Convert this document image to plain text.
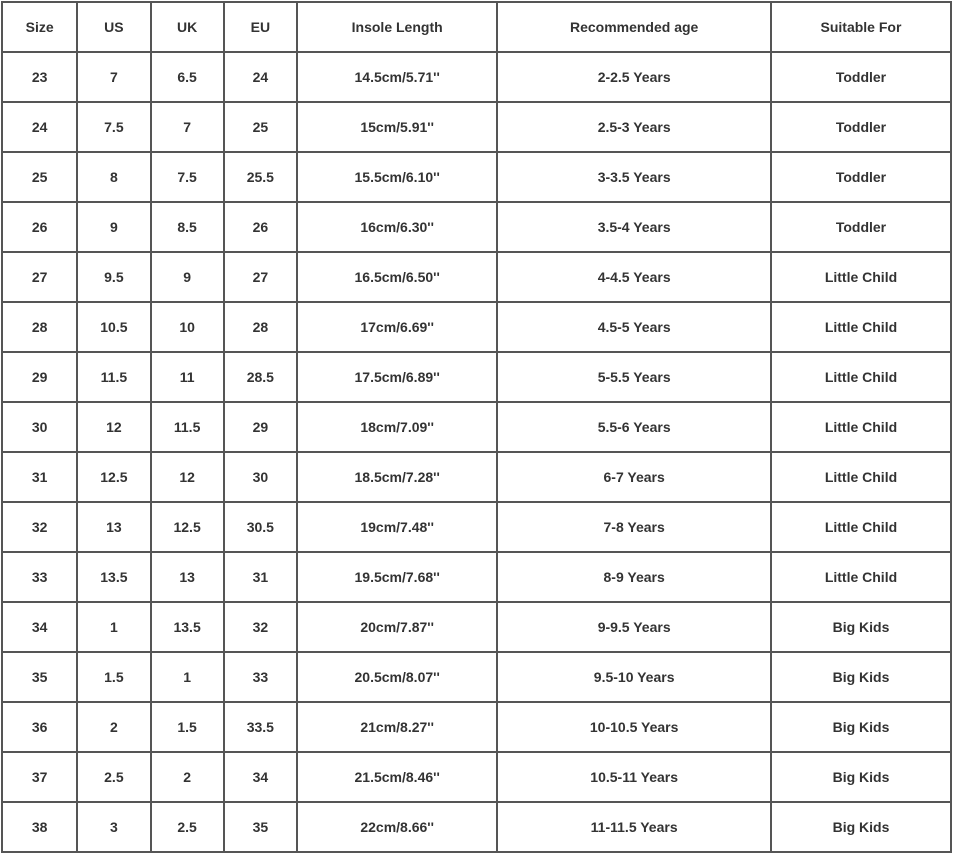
Size	US	UK	EU	Insole Length	Recommended age	Suitable For
23	7	6.5	24	14.5cm/5.71''	2-2.5 Years	Toddler
24	7.5	7	25	15cm/5.91''	2.5-3 Years	Toddler
25	8	7.5	25.5	15.5cm/6.10''	3-3.5 Years	Toddler
26	9	8.5	26	16cm/6.30''	3.5-4 Years	Toddler
27	9.5	9	27	16.5cm/6.50''	4-4.5 Years	Little Child
28	10.5	10	28	17cm/6.69''	4.5-5 Years	Little Child
29	11.5	11	28.5	17.5cm/6.89''	5-5.5 Years	Little Child
30	12	11.5	29	18cm/7.09''	5.5-6 Years	Little Child
31	12.5	12	30	18.5cm/7.28''	6-7 Years	Little Child
32	13	12.5	30.5	19cm/7.48''	7-8 Years	Little Child
33	13.5	13	31	19.5cm/7.68''	8-9 Years	Little Child
34	1	13.5	32	20cm/7.87''	9-9.5 Years	Big Kids
35	1.5	1	33	20.5cm/8.07''	9.5-10 Years	Big Kids
36	2	1.5	33.5	21cm/8.27''	10-10.5 Years	Big Kids
37	2.5	2	34	21.5cm/8.46''	10.5-11 Years	Big Kids
38	3	2.5	35	22cm/8.66''	11-11.5 Years	Big Kids
